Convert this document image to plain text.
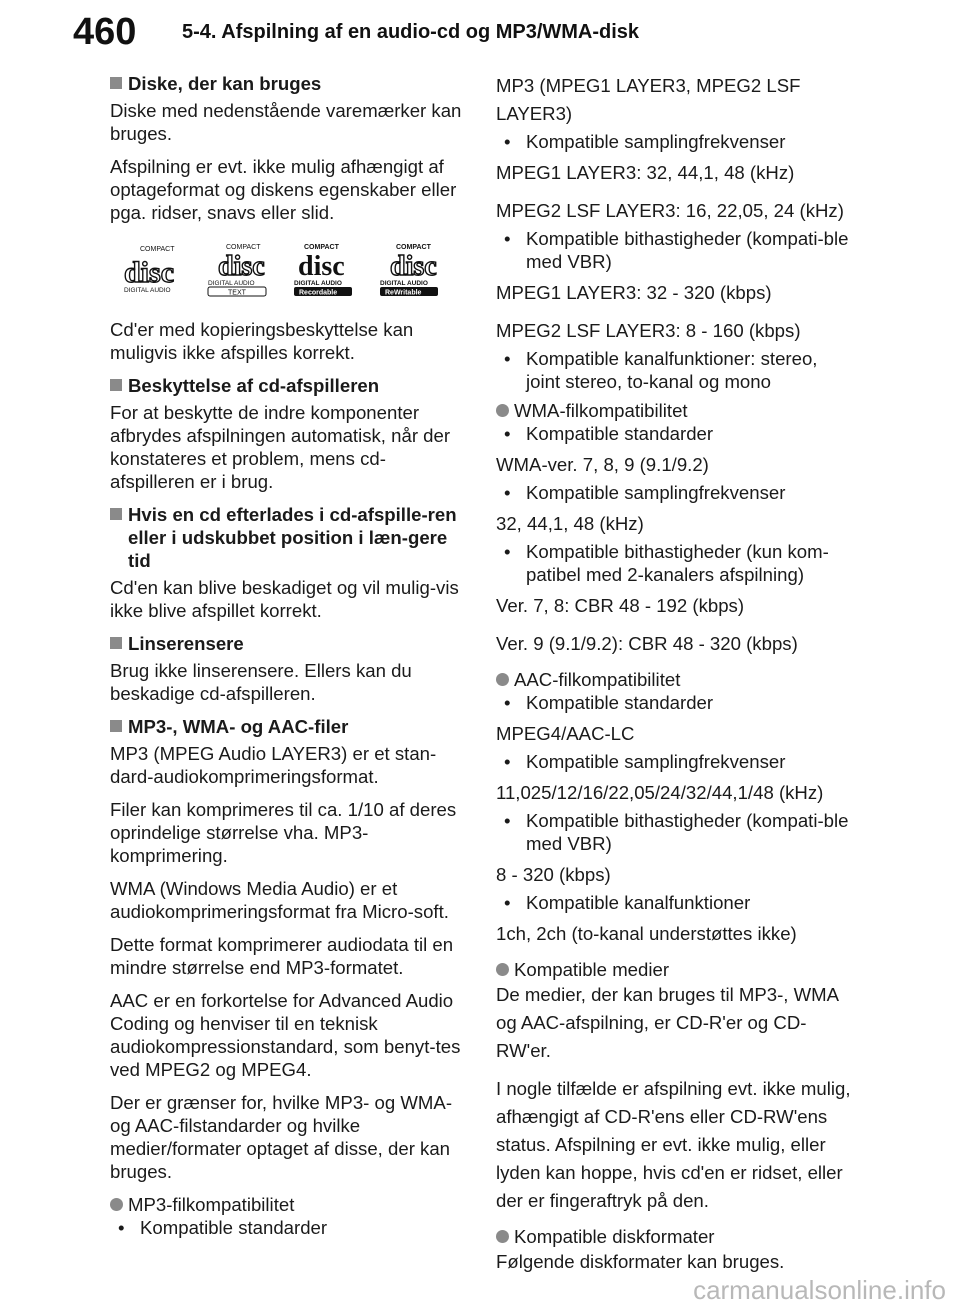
460	5-4. Afspilning af en audio-cd og MP3/WMA-disk
Diske, der kan bruges

Diske med nedenstående varemærker kan bruges.

Afspilning er evt. ikke mulig afhængigt af optageformat og diskens egenskaber eller pga. ridser, snavs eller slid.

COMPACT
disc
DIGITAL AUDIO
COMPACT
disc
DIGITAL AUDIO
TEXT
COMPACT
disc
DIGITAL AUDIO
Recordable
COMPACT
disc
DIGITAL AUDIO
ReWritable

Cd'er med kopieringsbeskyttelse kan muligvis ikke afspilles korrekt.

Beskyttelse af cd-afspilleren

For at beskytte de indre komponenter afbrydes afspilningen automatisk, når der konstateres et problem, mens cd-afspilleren er i brug.

Hvis en cd efterlades i cd-afspille-ren eller i udskubbet position i læn-gere tid

Cd'en kan blive beskadiget og vil mulig-vis ikke blive afspillet korrekt.

Linserensere

Brug ikke linserensere. Ellers kan du beskadige cd-afspilleren.

MP3-, WMA- og AAC-filer

MP3 (MPEG Audio LAYER3) er et stan-dard-audiokomprimeringsformat.

Filer kan komprimeres til ca. 1/10 af deres oprindelige størrelse vha. MP3-komprimering.

WMA (Windows Media Audio) er et audiokomprimeringsformat fra Micro-soft.

Dette format komprimerer audiodata til en mindre størrelse end MP3-formatet.

AAC er en forkortelse for Advanced Audio Coding og henviser til en teknisk audiokompressionstandard, som benyt-tes ved MPEG2 og MPEG4.

Der er grænser for, hvilke MP3- og WMA- og AAC-filstandarder og hvilke medier/formater optaget af disse, der kan bruges.

MP3-filkompatibilitet
• Kompatible standarder

MP3 (MPEG1 LAYER3, MPEG2 LSF LAYER3)

• Kompatible samplingfrekvenser

MPEG1 LAYER3: 32, 44,1, 48 (kHz)

MPEG2 LSF LAYER3: 16, 22,05, 24 (kHz)

• Kompatible bithastigheder (kompati-ble med VBR)

MPEG1 LAYER3: 32 - 320 (kbps)

MPEG2 LSF LAYER3: 8 - 160 (kbps)

• Kompatible kanalfunktioner: stereo, joint stereo, to-kanal og mono
WMA-filkompatibilitet
• Kompatible standarder

WMA-ver. 7, 8, 9 (9.1/9.2)

• Kompatible samplingfrekvenser

32, 44,1, 48 (kHz)

• Kompatible bithastigheder (kun kom-patibel med 2-kanalers afspilning)

Ver. 7, 8: CBR 48 - 192 (kbps)

Ver. 9 (9.1/9.2): CBR 48 - 320 (kbps)

AAC-filkompatibilitet
• Kompatible standarder

MPEG4/AAC-LC

• Kompatible samplingfrekvenser

11,025/12/16/22,05/24/32/44,1/48 (kHz)

• Kompatible bithastigheder (kompati-ble med VBR)

8 - 320 (kbps)

• Kompatible kanalfunktioner

1ch, 2ch (to-kanal understøttes ikke)

Kompatible medier

De medier, der kan bruges til MP3-, WMA og AAC-afspilning, er CD-R'er og CD-RW'er.

I nogle tilfælde er afspilning evt. ikke mulig, afhængigt af CD-R'ens eller CD-RW'ens status. Afspilning er evt. ikke mulig, eller lyden kan hoppe, hvis cd'en er ridset, eller der er fingeraftryk på den.

Kompatible diskformater

Følgende diskformater kan bruges.

carmanualsonline.info
